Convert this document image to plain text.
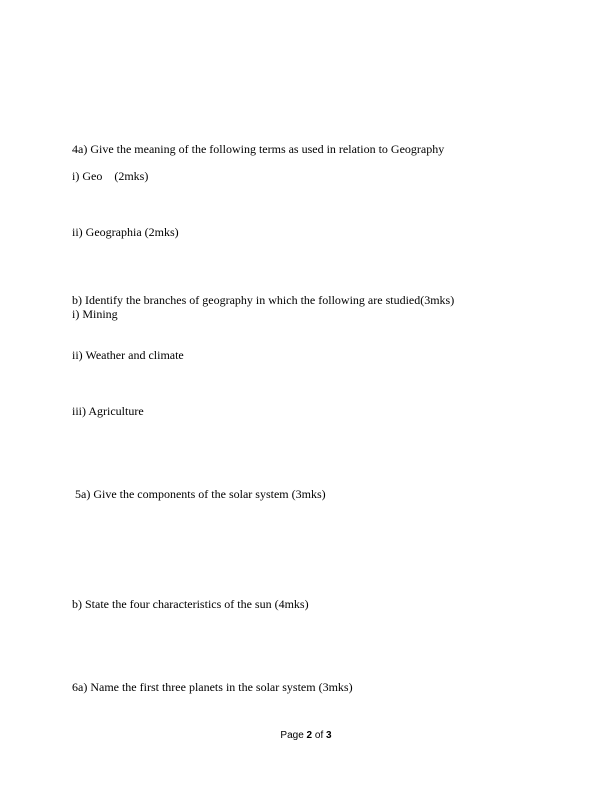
4a) Give the meaning of the following terms as used in relation to Geography
i) Geo    (2mks)
ii) Geographia (2mks)
b) Identify the branches of geography in which the following are studied(3mks)
i) Mining
ii) Weather and climate
iii) Agriculture
5a) Give the components of the solar system (3mks)
b) State the four characteristics of the sun (4mks)
6a) Name the first three planets in the solar system (3mks)
Page 2 of 3
